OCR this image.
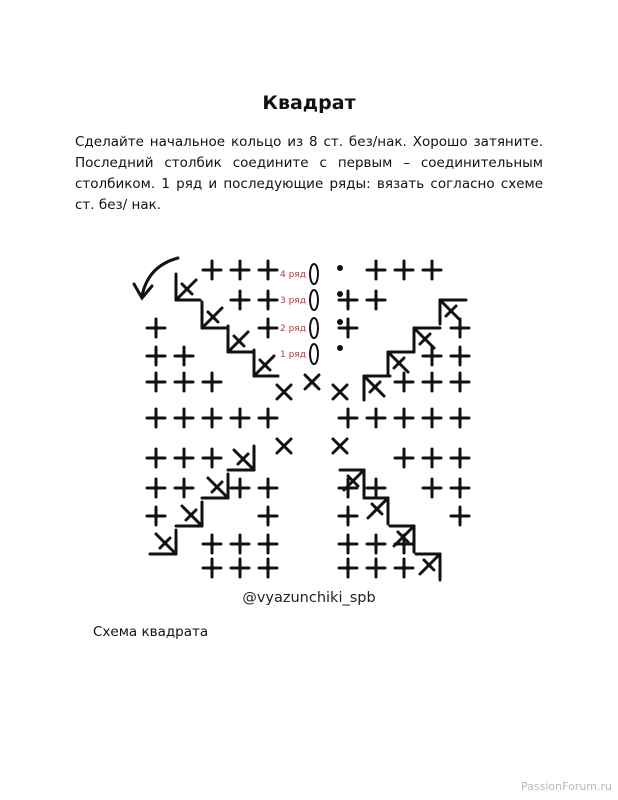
Квадрат
Сделайте начальное кольцо из 8 ст. без/нак. Хорошо затяните. Последний столбик соедините с первым – соединительным столбиком. 1 ряд и последующие ряды: вязать согласно схеме ст. без/ нак.
4 ряд
3 ряд
2 ряд
1 ряд
@vyazunchiki_spb
Схема квадрата
PassionForum.ru
